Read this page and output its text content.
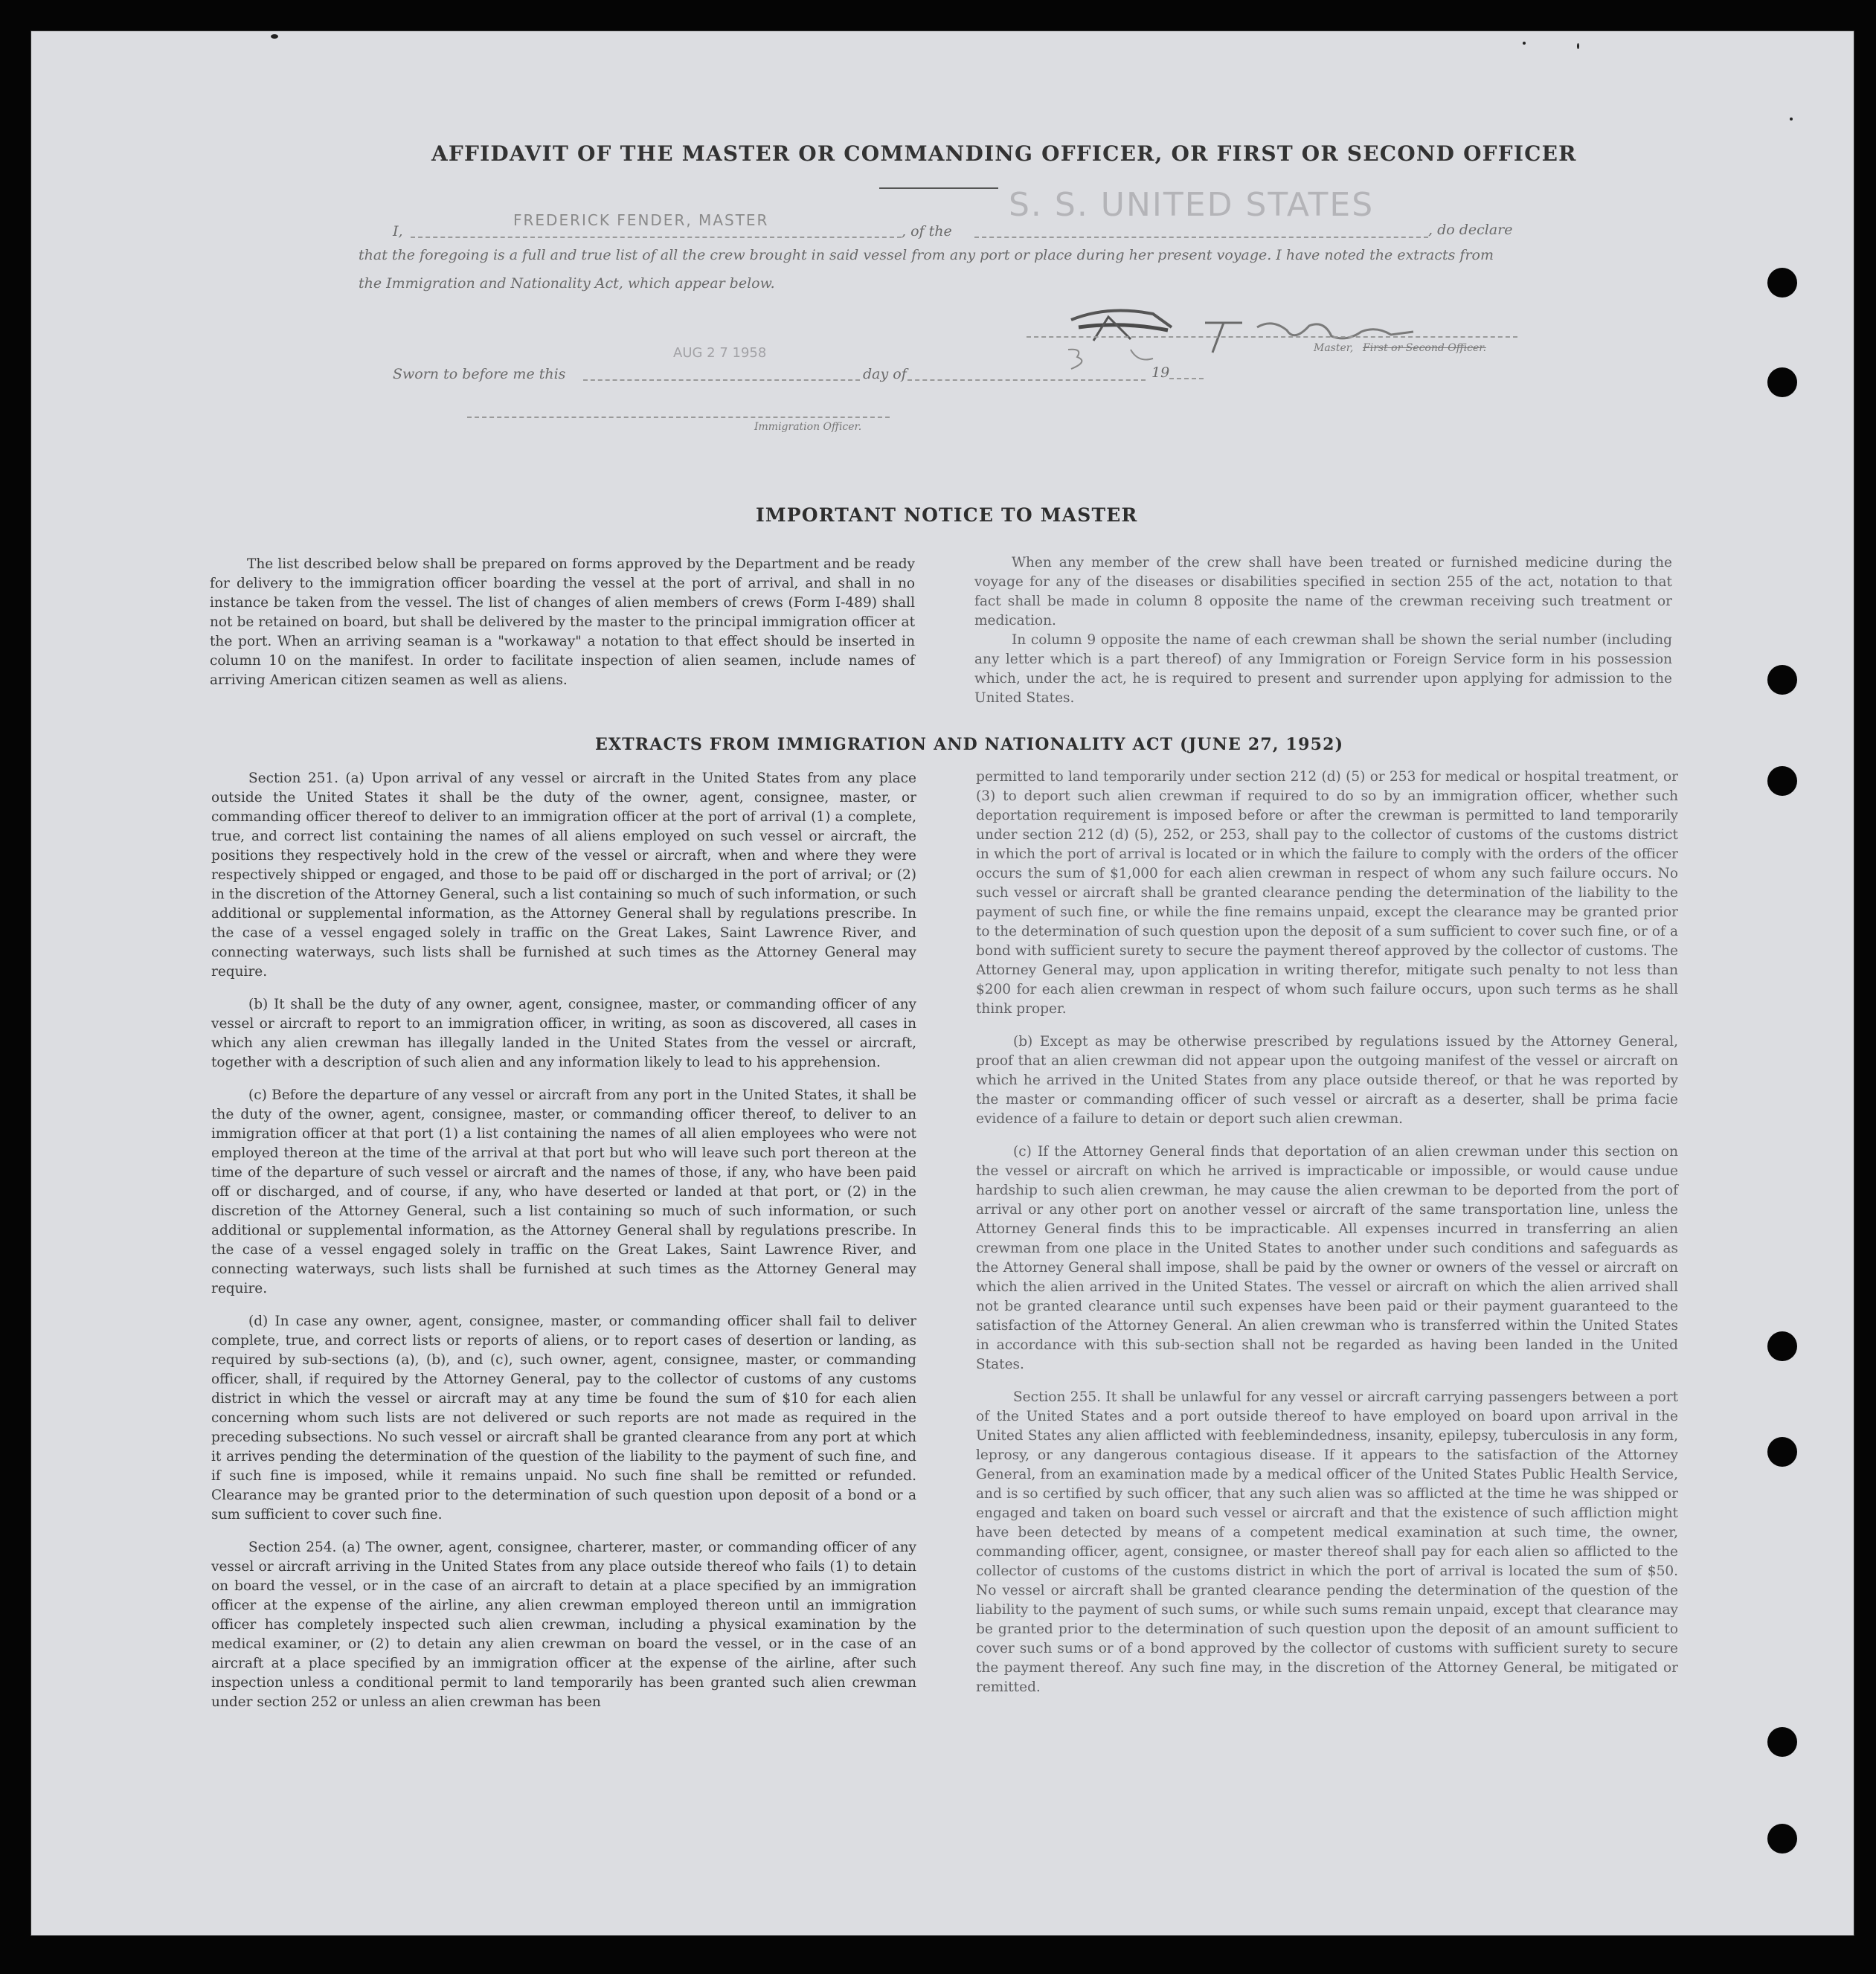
AFFIDAVIT OF THE MASTER OR COMMANDING OFFICER, OR FIRST OR SECOND OFFICER
I,
FREDERICK FENDER, MASTER
, of the
S. S. UNITED STATES
, do declare
that the foregoing is a full and true list of all the crew brought in said vessel from any port or place during her present voyage. I have noted the extracts from
the Immigration and Nationality Act, which appear below.
Master, First or Second Officer.
Sworn to before me this
AUG 2 7 1958
day of	19
Immigration Officer.
IMPORTANT NOTICE TO MASTER

The list described below shall be prepared on forms approved by the Department and be ready for delivery to the immigration officer boarding the vessel at the port of arrival, and shall in no instance be taken from the vessel. The list of changes of alien members of crews (Form I-489) shall not be retained on board, but shall be delivered by the master to the principal immigration officer at the port. When an arriving seaman is a "workaway" a notation to that effect should be inserted in column 10 on the manifest. In order to facilitate inspection of alien seamen, include names of arriving American citizen seamen as well as aliens.

When any member of the crew shall have been treated or furnished medicine during the voyage for any of the diseases or disabilities specified in section 255 of the act, notation to that fact shall be made in column 8 opposite the name of the crewman receiving such treatment or medication.

In column 9 opposite the name of each crewman shall be shown the serial number (including any letter which is a part thereof) of any Immigration or Foreign Service form in his possession which, under the act, he is required to present and surrender upon applying for admission to the United States.

EXTRACTS FROM IMMIGRATION AND NATIONALITY ACT (JUNE 27, 1952)

Section 251. (a) Upon arrival of any vessel or aircraft in the United States from any place outside the United States it shall be the duty of the owner, agent, consignee, master, or commanding officer thereof to deliver to an immigration officer at the port of arrival (1) a complete, true, and correct list containing the names of all aliens employed on such vessel or aircraft, the positions they respectively hold in the crew of the vessel or aircraft, when and where they were respectively shipped or engaged, and those to be paid off or discharged in the port of arrival; or (2) in the discretion of the Attorney General, such a list containing so much of such information, or such additional or supplemental information, as the Attorney General shall by regulations prescribe. In the case of a vessel engaged solely in traffic on the Great Lakes, Saint Lawrence River, and connecting waterways, such lists shall be furnished at such times as the Attorney General may require.

(b) It shall be the duty of any owner, agent, consignee, master, or commanding officer of any vessel or aircraft to report to an immigration officer, in writing, as soon as discovered, all cases in which any alien crewman has illegally landed in the United States from the vessel or aircraft, together with a description of such alien and any information likely to lead to his apprehension.

(c) Before the departure of any vessel or aircraft from any port in the United States, it shall be the duty of the owner, agent, consignee, master, or commanding officer thereof, to deliver to an immigration officer at that port (1) a list containing the names of all alien employees who were not employed thereon at the time of the arrival at that port but who will leave such port thereon at the time of the departure of such vessel or aircraft and the names of those, if any, who have been paid off or discharged, and of course, if any, who have deserted or landed at that port, or (2) in the discretion of the Attorney General, such a list containing so much of such information, or such additional or supplemental information, as the Attorney General shall by regulations prescribe. In the case of a vessel engaged solely in traffic on the Great Lakes, Saint Lawrence River, and connecting waterways, such lists shall be furnished at such times as the Attorney General may require.

(d) In case any owner, agent, consignee, master, or commanding officer shall fail to deliver complete, true, and correct lists or reports of aliens, or to report cases of desertion or landing, as required by sub-sections (a), (b), and (c), such owner, agent, consignee, master, or commanding officer, shall, if required by the Attorney General, pay to the collector of customs of any customs district in which the vessel or aircraft may at any time be found the sum of $10 for each alien concerning whom such lists are not delivered or such reports are not made as required in the preceding subsections. No such vessel or aircraft shall be granted clearance from any port at which it arrives pending the determination of the question of the liability to the payment of such fine, and if such fine is imposed, while it remains unpaid. No such fine shall be remitted or refunded. Clearance may be granted prior to the determination of such question upon deposit of a bond or a sum sufficient to cover such fine.

Section 254. (a) The owner, agent, consignee, charterer, master, or commanding officer of any vessel or aircraft arriving in the United States from any place outside thereof who fails (1) to detain on board the vessel, or in the case of an aircraft to detain at a place specified by an immigration officer at the expense of the airline, any alien crewman employed thereon until an immigration officer has completely inspected such alien crewman, including a physical examination by the medical examiner, or (2) to detain any alien crewman on board the vessel, or in the case of an aircraft at a place specified by an immigration officer at the expense of the airline, after such inspection unless a conditional permit to land temporarily has been granted such alien crewman under section 252 or unless an alien crewman has been

permitted to land temporarily under section 212 (d) (5) or 253 for medical or hospital treatment, or (3) to deport such alien crewman if required to do so by an immigration officer, whether such deportation requirement is imposed before or after the crewman is permitted to land temporarily under section 212 (d) (5), 252, or 253, shall pay to the collector of customs of the customs district in which the port of arrival is located or in which the failure to comply with the orders of the officer occurs the sum of $1,000 for each alien crewman in respect of whom any such failure occurs. No such vessel or aircraft shall be granted clearance pending the determination of the liability to the payment of such fine, or while the fine remains unpaid, except the clearance may be granted prior to the determination of such question upon the deposit of a sum sufficient to cover such fine, or of a bond with sufficient surety to secure the payment thereof approved by the collector of customs. The Attorney General may, upon application in writing therefor, mitigate such penalty to not less than $200 for each alien crewman in respect of whom such failure occurs, upon such terms as he shall think proper.

(b) Except as may be otherwise prescribed by regulations issued by the Attorney General, proof that an alien crewman did not appear upon the outgoing manifest of the vessel or aircraft on which he arrived in the United States from any place outside thereof, or that he was reported by the master or commanding officer of such vessel or aircraft as a deserter, shall be prima facie evidence of a failure to detain or deport such alien crewman.

(c) If the Attorney General finds that deportation of an alien crewman under this section on the vessel or aircraft on which he arrived is impracticable or impossible, or would cause undue hardship to such alien crewman, he may cause the alien crewman to be deported from the port of arrival or any other port on another vessel or aircraft of the same transportation line, unless the Attorney General finds this to be impracticable. All expenses incurred in transferring an alien crewman from one place in the United States to another under such conditions and safeguards as the Attorney General shall impose, shall be paid by the owner or owners of the vessel or aircraft on which the alien arrived in the United States. The vessel or aircraft on which the alien arrived shall not be granted clearance until such expenses have been paid or their payment guaranteed to the satisfaction of the Attorney General. An alien crewman who is transferred within the United States in accordance with this sub-section shall not be regarded as having been landed in the United States.

Section 255. It shall be unlawful for any vessel or aircraft carrying passengers between a port of the United States and a port outside thereof to have employed on board upon arrival in the United States any alien afflicted with feeblemindedness, insanity, epilepsy, tuberculosis in any form, leprosy, or any dangerous contagious disease. If it appears to the satisfaction of the Attorney General, from an examination made by a medical officer of the United States Public Health Service, and is so certified by such officer, that any such alien was so afflicted at the time he was shipped or engaged and taken on board such vessel or aircraft and that the existence of such affliction might have been detected by means of a competent medical examination at such time, the owner, commanding officer, agent, consignee, or master thereof shall pay for each alien so afflicted to the collector of customs of the customs district in which the port of arrival is located the sum of $50. No vessel or aircraft shall be granted clearance pending the determination of the question of the liability to the payment of such sums, or while such sums remain unpaid, except that clearance may be granted prior to the determination of such question upon the deposit of an amount sufficient to cover such sums or of a bond approved by the collector of customs with sufficient surety to secure the payment thereof. Any such fine may, in the discretion of the Attorney General, be mitigated or remitted.
